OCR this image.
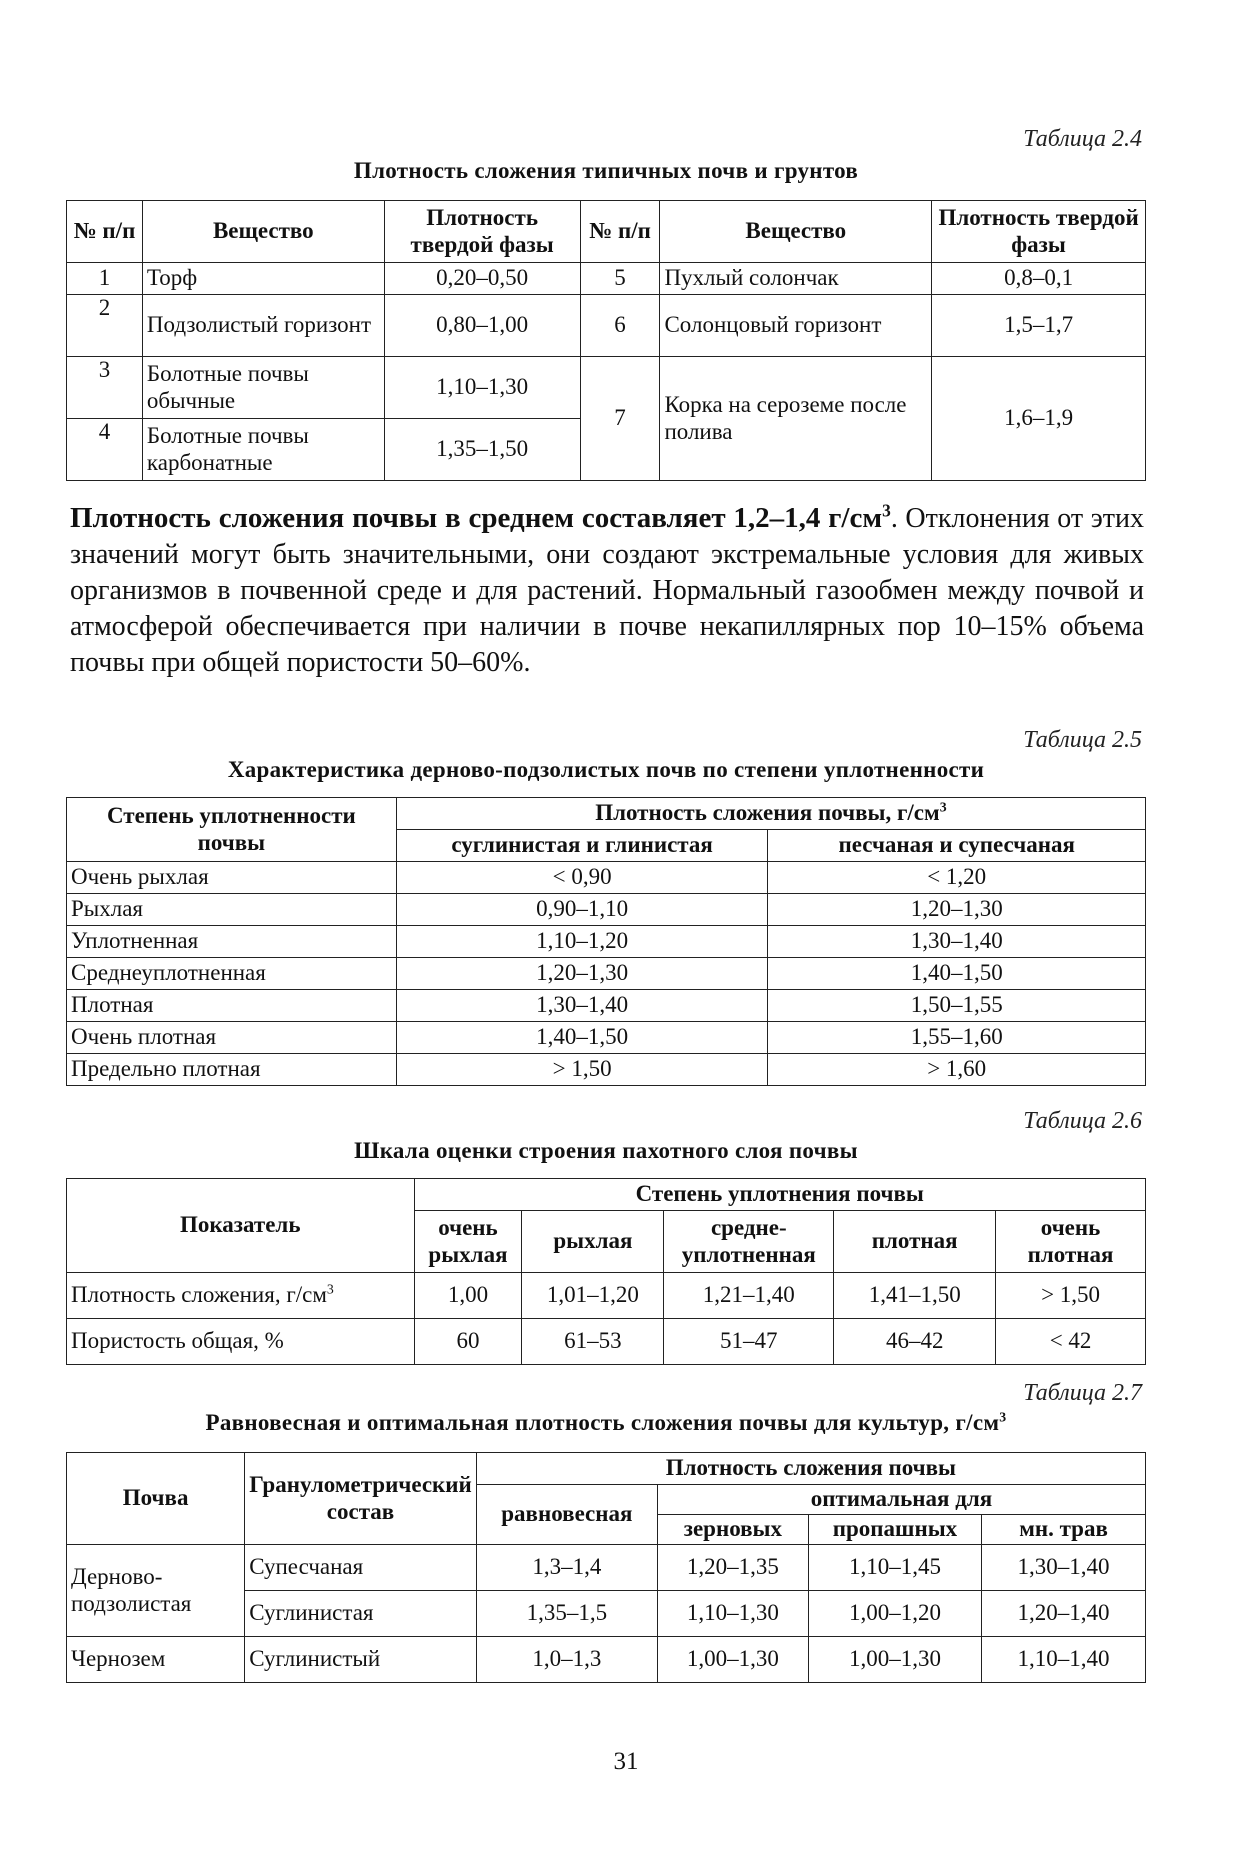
Таблица 2.4
Плотность сложения типичных почв и грунтов
№ п/п	Вещество	Плотность твердой фазы	№ п/п	Вещество	Плотность твердой фазы
1	Торф	0,20–0,50	5	Пухлый солончак	0,8–0,1
2	Подзолистый горизонт	0,80–1,00	6	Солонцовый горизонт	1,5–1,7
3	Болотные почвы обычные	1,10–1,30	7	Корка на сероземе после полива	1,6–1,9
4	Болотные почвы карбонатные	1,35–1,50			
Плотность сложения почвы в среднем составляет 1,2–1,4 $г/см^3$. Отклонения от этих значений могут быть значительными, они создают экстремальные условия для живых организмов в почвенной среде и для растений. Нормальный газообмен между почвой и атмосферой обеспечивается при наличии в почве некапиллярных пор 10–15% объема почвы при общей пористости 50–60%.
Таблица 2.5
Характеристика дерново-подзолистых почв по степени уплотненности
Степень уплотненности почвы	Плотность сложения почвы, $г/см^3$
	суглинистая и глинистая	песчаная и супесчаная
Очень рыхлая	< 0,90	< 1,20
Рыхлая	0,90–1,10	1,20–1,30
Уплотненная	1,10–1,20	1,30–1,40
Среднеуплотненная	1,20–1,30	1,40–1,50
Плотная	1,30–1,40	1,50–1,55
Очень плотная	1,40–1,50	1,55–1,60
Предельно плотная	> 1,50	> 1,60
Таблица 2.6
Шкала оценки строения пахотного слоя почвы
Показатель	Степень уплотнения почвы				
	очень рыхлая	рыхлая	средне-уплотненная	плотная	очень плотная
Плотность сложения, $г/см^3$	1,00	1,01–1,20	1,21–1,40	1,41–1,50	> 1,50
Пористость общая, %	60	61–53	51–47	46–42	< 42
Таблица 2.7
Равновесная и оптимальная плотность сложения почвы для культур, $г/см^3$
Почва	Гранулометрический состав	Плотность сложения почвы			
		равновесная	оптимальная для		
			зерновых	пропашных	мн. трав
Дерново-подзолистая	Супесчаная	1,3–1,4	1,20–1,35	1,10–1,45	1,30–1,40
	Суглинистая	1,35–1,5	1,10–1,30	1,00–1,20	1,20–1,40
Чернозем	Суглинистый	1,0–1,3	1,00–1,30	1,00–1,30	1,10–1,40
31
